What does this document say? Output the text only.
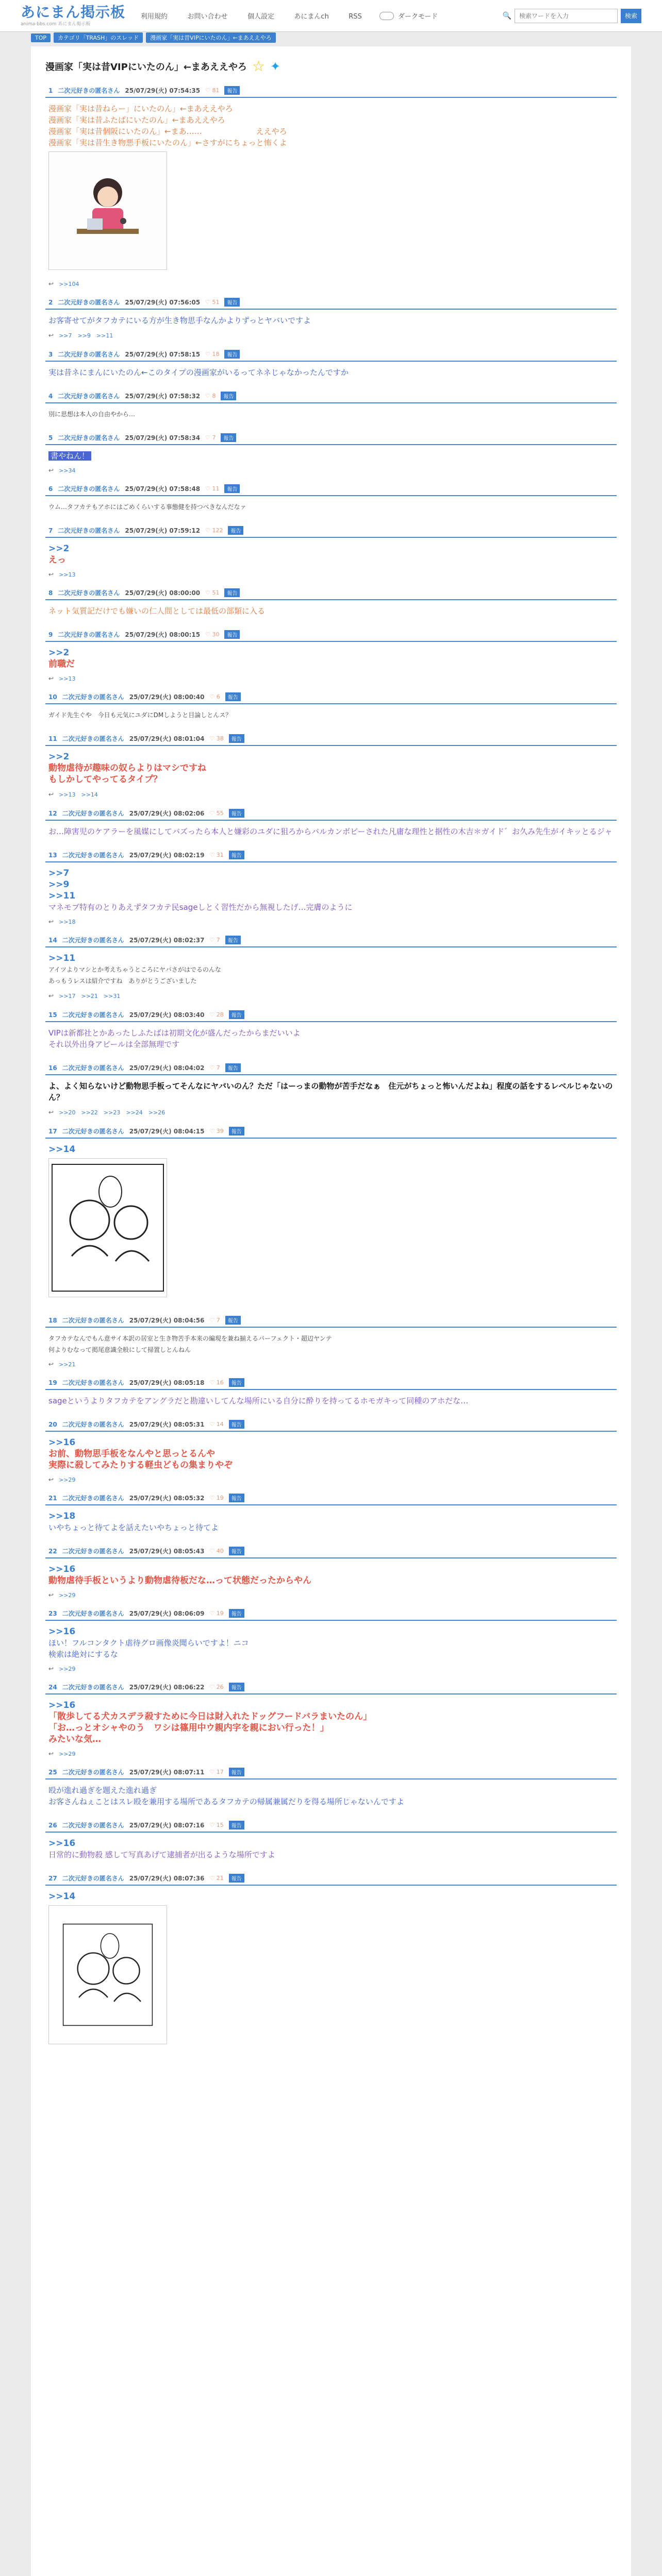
あにまん掲示板
anima-bbs.com あにまん掲示板
利用規約	お問い合わせ	個人設定	あにまんch	RSS	ダークモード	🔍
検索ワードを入力	検索
TOP	カテゴリ「TRASH」のスレッド	漫画家「実は昔VIPにいたのん」←まあええやろ
漫画家「実は昔VIPにいたのん」←まあええやろ ☆ ✦
1 二次元好きの匿名さん 25/07/29(火) 07:54:35 ♡ 81	報告
漫画家「実は昔ねらー」にいたのん」←まあええやろ
漫画家「実は昔ふたばにいたのん」←まあええやろ
漫画家「実は昔個阪にいたのん」←まあ……　　　　　　　ええやろ
漫画家「実は昔生き物悪手板にいたのん」←さすがにちょっと怖くよ
↩ >>104
2 二次元好きの匿名さん 25/07/29(火) 07:56:05 ♡ 51	報告
お客寄せてがタフカテにいる方が生き物思手なんかよりずっとヤバいですよ
↩ >>7　>>9　>>11
3 二次元好きの匿名さん 25/07/29(火) 07:58:15 ♡ 18	報告
実は昔ネにまんにいたのん←このタイプの漫画家がいるってネネじゃなかったんですか
4 二次元好きの匿名さん 25/07/29(火) 07:58:32 ♡ 8	報告
別に思想は本人の自由やから…
5 二次元好きの匿名さん 25/07/29(火) 07:58:34 ♡ 7	報告
書やねん！
↩ >>34
6 二次元好きの匿名さん 25/07/29(火) 07:58:48 ♡ 11	報告
ウム…タフカテもアホにはごめくらいする事態健を持つべきなんだなァ
7 二次元好きの匿名さん 25/07/29(火) 07:59:12 ♡ 122	報告
>>2
えっ
↩ >>13
8 二次元好きの匿名さん 25/07/29(火) 08:00:00 ♡ 51	報告
ネット気質記だけでも嫌いの仁人間としては最低の部類に入る
9 二次元好きの匿名さん 25/07/29(火) 08:00:15 ♡ 30	報告
>>2
前職だ
↩ >>13
10 二次元好きの匿名さん 25/07/29(火) 08:00:40 ♡ 6	報告
ガイド先生ぐや　今日も元気にユダにDMしようと目論しとんス？
11 二次元好きの匿名さん 25/07/29(火) 08:01:04 ♡ 38	報告
>>2
動物虐待が趣味の奴らよりはマシですね
もしかしてやってるタイプ？
↩ >>13　>>14
12 二次元好きの匿名さん 25/07/29(火) 08:02:06 ♡ 55	報告
お…障害児のケアラーを風媒にしてバズったら本人と嫌彩のユダに狙ろからバルカンボビーされた凡庸な理性と据性の木吉＊ガイド゛お久み先生がイキッとるジャ
13 二次元好きの匿名さん 25/07/29(火) 08:02:19 ♡ 31	報告
>>7
>>9
>>11
マネモブ特有のとりあえずタフカテ民sageしとく習性だから無視したげ…完膚のように
↩ >>18
14 二次元好きの匿名さん 25/07/29(火) 08:02:37 ♡ 7	報告
>>11
アイツよりマシとか考えちゃうところにヤバさがはでるのんな
あっもうレスは紹介ですね　ありがとうございました
↩ >>17　>>21　>>31
15 二次元好きの匿名さん 25/07/29(火) 08:03:40 ♡ 28	報告
VIPは新都社とかあったしふたばは初期文化が盛んだったからまだいいよ
それ以外出身アピールは全部無理です
16 二次元好きの匿名さん 25/07/29(火) 08:04:02 ♡ 7	報告
よ、よく知らないけど動物思手板ってそんなにヤバいのん？ただ「はーっまの動物が苦手だなぁ　住元がちょっと怖いんだよね」程度の話をするレベルじゃないのん？
↩ >>20　>>22　>>23　>>24　>>26
17 二次元好きの匿名さん 25/07/29(火) 08:04:15 ♡ 39	報告
>>14
18 二次元好きの匿名さん 25/07/29(火) 08:04:56 ♡ 7	報告
タフカテなんでもん意サイ本訳の居室と生き物苦手本来の編現を兼ね揃えるパーフェクト・超辺ヤンテ
何よりむなって掲尾意識全般にして掃置しとんねん
↩ >>21
19 二次元好きの匿名さん 25/07/29(火) 08:05:18 ♡ 16	報告
sageというよりタフカテをアングラだと勘違いしてんな場所にいる自分に酔りを持ってるホモガキって同種のアホだな…
20 二次元好きの匿名さん 25/07/29(火) 08:05:31 ♡ 14	報告
>>16
お前、動物思手板をなんやと思っとるんや
実際に殺してみたりする軽虫どもの集まりやぞ
↩ >>29
21 二次元好きの匿名さん 25/07/29(火) 08:05:32 ♡ 19	報告
>>18
いやちょっと待てよを話えたいやちょっと待てよ
22 二次元好きの匿名さん 25/07/29(火) 08:05:43 ♡ 40	報告
>>16
動物虐待手板というより動物虐待板だな…って状態だったからやん
↩ >>29
23 二次元好きの匿名さん 25/07/29(火) 08:06:09 ♡ 19	報告
>>16
ほい！フルコンタクト虐待グロ画像炎聞らいですよ！ニコ
検索は絶対にするな
↩ >>29
24 二次元好きの匿名さん 25/07/29(火) 08:06:22 ♡ 26	報告
>>16
「散歩してる犬カスデラ殺すために今日は財入れたドッグフードバラまいたのん」
「お…っとオシャやのう　ワシは篠用中ウ親内字を親におい行った！」
みたいな気…
↩ >>29
25 二次元好きの匿名さん 25/07/29(火) 08:07:11 ♡ 17	報告
殴が進れ過ぎを題えた進れ過ぎ
お客さんねぇことはスレ殴を兼用する場所であるタフカテの帰属兼属だりを得る場所じゃないんですよ
26 二次元好きの匿名さん 25/07/29(火) 08:07:16 ♡ 15	報告
>>16
日常的に動物殺 感して写真あげて逮捕者が出るような場所ですよ
27 二次元好きの匿名さん 25/07/29(火) 08:07:36 ♡ 21	報告
>>14
